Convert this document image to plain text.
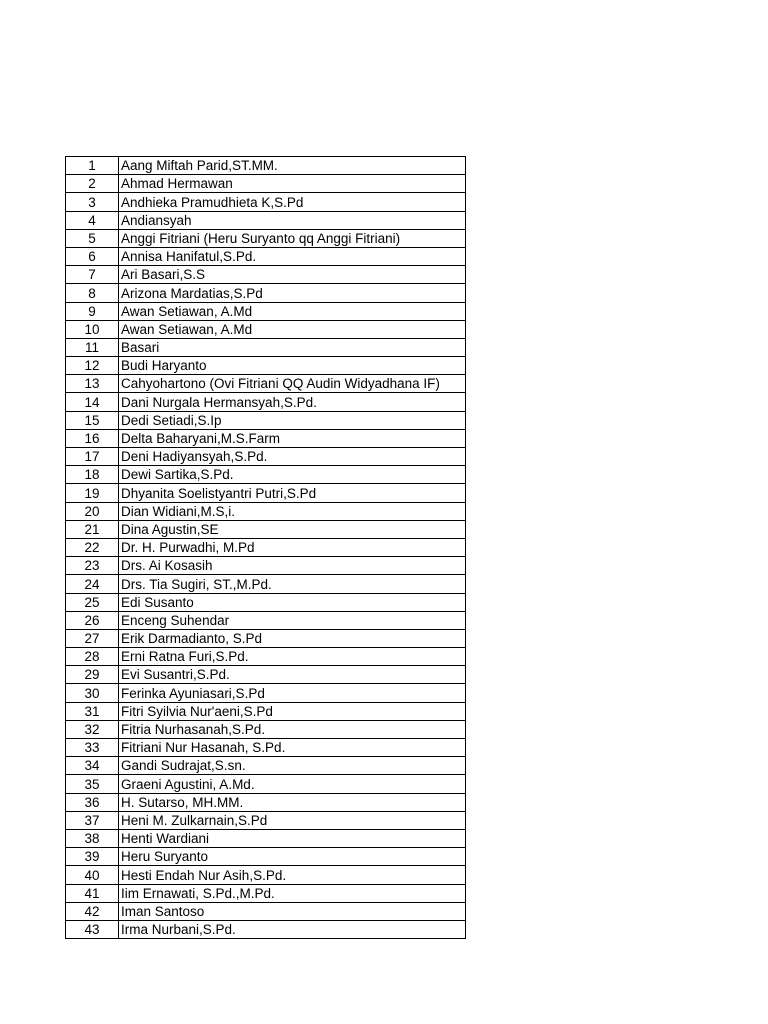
1	Aang Miftah Parid,ST.MM.
2	Ahmad Hermawan
3	Andhieka Pramudhieta K,S.Pd
4	Andiansyah
5	Anggi Fitriani (Heru Suryanto qq Anggi Fitriani)
6	Annisa Hanifatul,S.Pd.
7	Ari Basari,S.S
8	Arizona Mardatias,S.Pd
9	Awan Setiawan, A.Md
10	Awan Setiawan, A.Md
11	Basari
12	Budi Haryanto
13	Cahyohartono (Ovi Fitriani QQ Audin Widyadhana IF)
14	Dani Nurgala Hermansyah,S.Pd.
15	Dedi Setiadi,S.Ip
16	Delta Baharyani,M.S.Farm
17	Deni Hadiyansyah,S.Pd.
18	Dewi Sartika,S.Pd.
19	Dhyanita Soelistyantri Putri,S.Pd
20	Dian Widiani,M.S,i.
21	Dina Agustin,SE
22	Dr. H. Purwadhi, M.Pd
23	Drs. Ai Kosasih
24	Drs. Tia Sugiri, ST.,M.Pd.
25	Edi Susanto
26	Enceng Suhendar
27	Erik Darmadianto, S.Pd
28	Erni Ratna Furi,S.Pd.
29	Evi Susantri,S.Pd.
30	Ferinka Ayuniasari,S.Pd
31	Fitri Syilvia Nur'aeni,S.Pd
32	Fitria Nurhasanah,S.Pd.
33	Fitriani Nur Hasanah, S.Pd.
34	Gandi Sudrajat,S.sn.
35	Graeni Agustini, A.Md.
36	H. Sutarso, MH.MM.
37	Heni M. Zulkarnain,S.Pd
38	Henti Wardiani
39	Heru Suryanto
40	Hesti Endah Nur Asih,S.Pd.
41	Iim Ernawati, S.Pd.,M.Pd.
42	Iman Santoso
43	Irma Nurbani,S.Pd.
